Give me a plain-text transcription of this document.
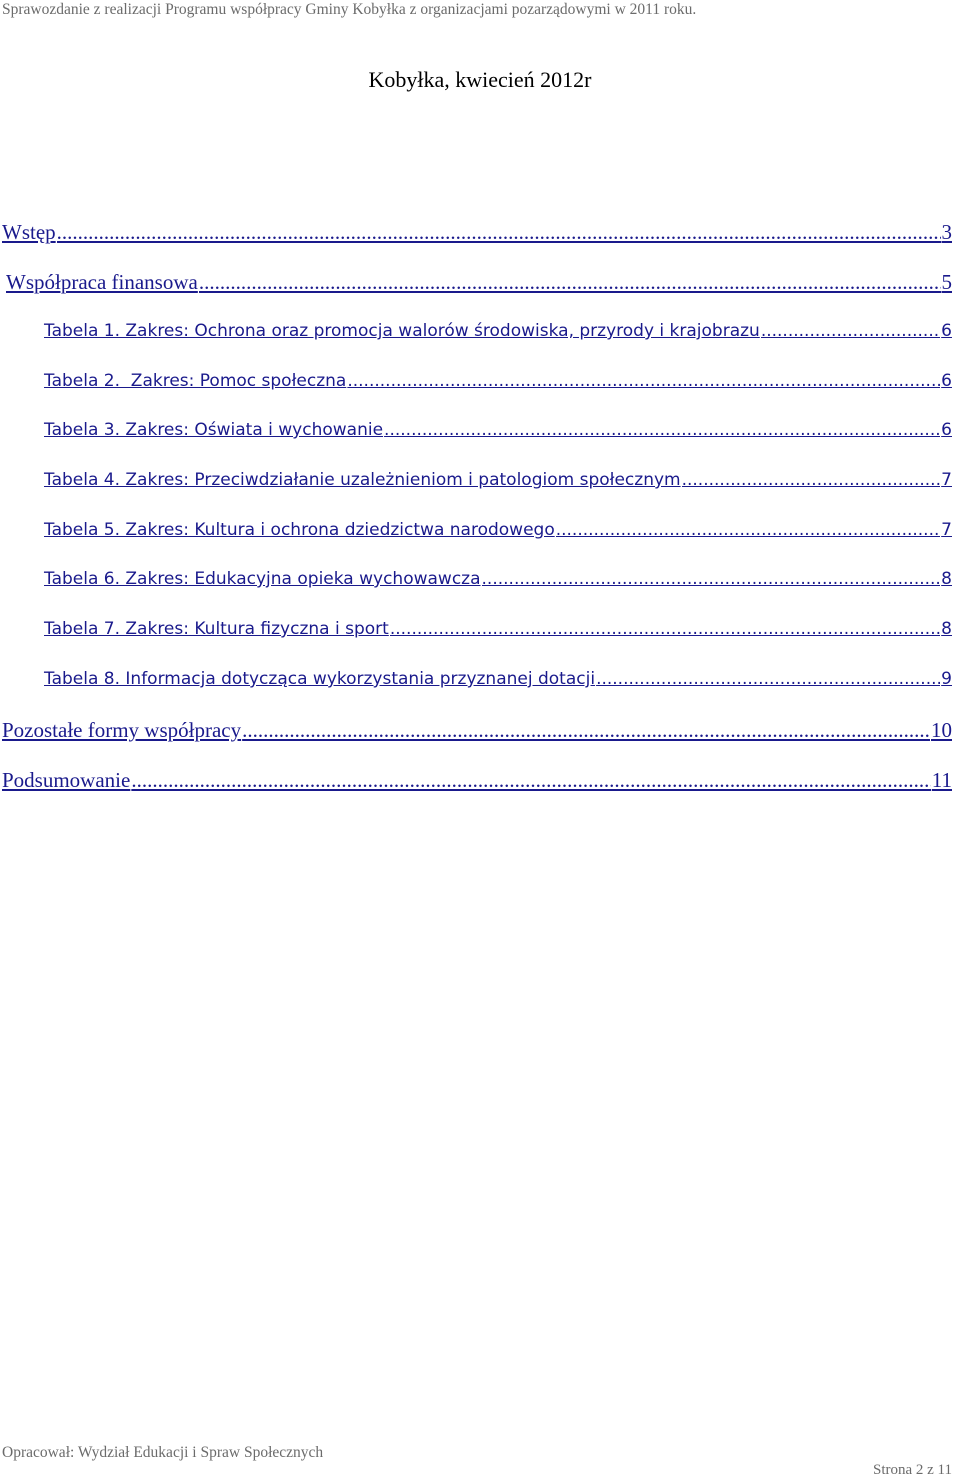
Sprawozdanie z realizacji Programu współpracy Gminy Kobyłka z organizacjami pozarządowymi w 2011 roku.
Kobyłka, kwiecień 2012r
Wstęp .....	3
Współpraca finansowa .....	5
Tabela 1. Zakres: Ochrona oraz promocja walorów środowiska, przyrody i krajobrazu .....	6
Tabela 2.  Zakres: Pomoc społeczna .....	6
Tabela 3. Zakres: Oświata i wychowanie .....	6
Tabela 4. Zakres: Przeciwdziałanie uzależnieniom i patologiom społecznym .....	7
Tabela 5. Zakres: Kultura i ochrona dziedzictwa narodowego .....	7
Tabela 6. Zakres: Edukacyjna opieka wychowawcza .....	8
Tabela 7. Zakres: Kultura fizyczna i sport .....	8
Tabela 8. Informacja dotycząca wykorzystania przyznanej dotacji .....	9
Pozostałe formy współpracy .....	10
Podsumowanie .....	11
Opracował: Wydział Edukacji i Spraw Społecznych
Strona 2 z 11
